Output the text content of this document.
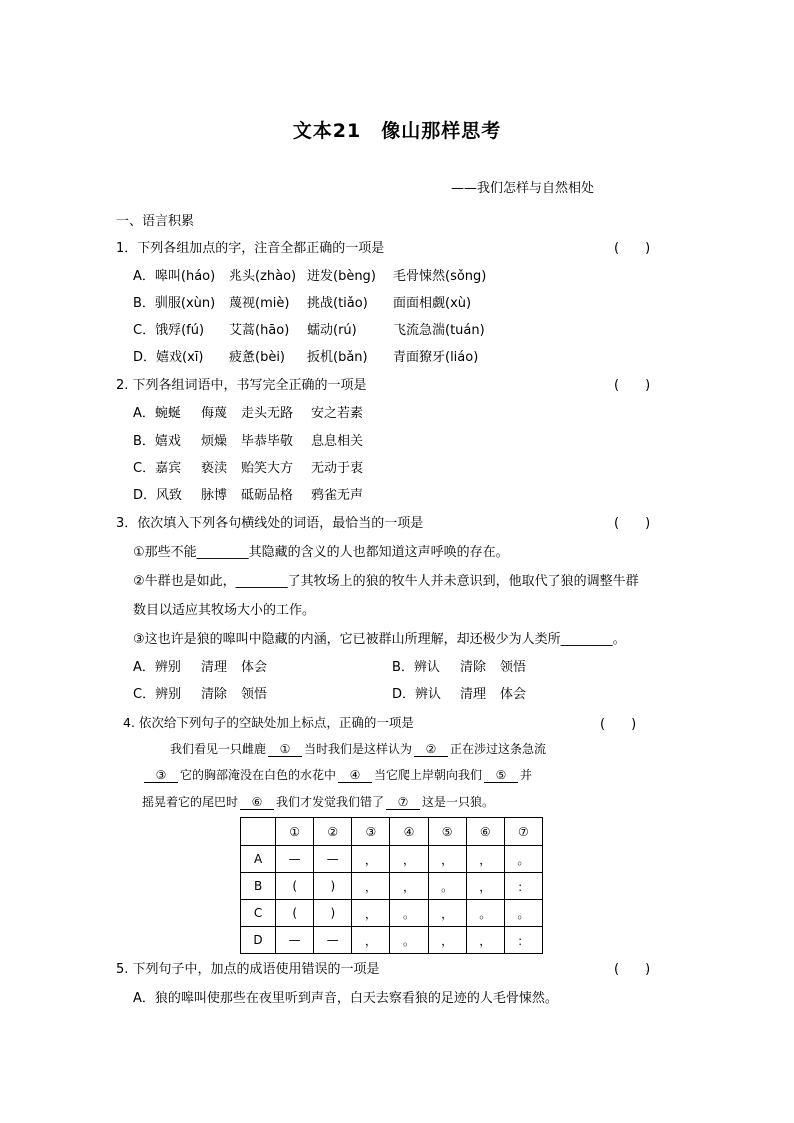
文本21　像山那样思考
——我们怎样与自然相处
一、语言积累
1．下列各组加点的字，注音全都正确的一项是	(　　)
A．嗥叫(háo) 兆头(zhào) 迸发(bèng) 毛骨悚然(sǒng)
B．驯服(xùn) 蔑视(miè) 挑战(tiǎo) 面面相觑(xù)
C．饿殍(fú) 艾蒿(hāo) 蠕动(rú)	飞流急湍(tuán)
D．嬉戏(xī) 疲惫(bèi) 扳机(bǎn) 青面獠牙(liáo)
2. 下列各组词语中，书写完全正确的一项是	(　　)
A．蜿蜒 侮蔑 走头无路 安之若素
B．嬉戏 烦燥 毕恭毕敬 息息相关
C．嘉宾 亵渎 贻笑大方 无动于衷
D．风致 脉博 砥砺品格 鸦雀无声
3．依次填入下列各句横线处的词语，最恰当的一项是	(　　)
①那些不能________其隐藏的含义的人也都知道这声呼唤的存在。
②牛群也是如此，________了其牧场上的狼的牧牛人并未意识到，他取代了狼的调整牛群
数目以适应其牧场大小的工作。
③这也许是狼的嗥叫中隐藏的内涵，它已被群山所理解，却还极少为人类所________。
A．辨别 清理 体会	B．辨认 清除 领悟
C．辨别 清除 领悟	D．辨认 清理 体会
4. 依次给下列句子的空缺处加上标点，正确的一项是	(　　)
我们看见一只雌鹿 ① 当时我们是这样认为 ② 正在涉过这条急流
③ 它的胸部淹没在白色的水花中 ④ 当它爬上岸朝向我们 ⑤ 并
摇晃着它的尾巴时 ⑥ 我们才发觉我们错了 ⑦ 这是一只狼。
	①	②	③	④	⑤	⑥	⑦
A	—	—	，	，	，	，	。
B	(	)	，	，	。	，	：
C	(	)	，	。	，	。	。
D	—	—	，	。	，	，	：
5. 下列句子中，加点的成语使用错误的一项是	(　　)
A．狼的嗥叫使那些在夜里听到声音，白天去察看狼的足迹的人毛骨悚然。
